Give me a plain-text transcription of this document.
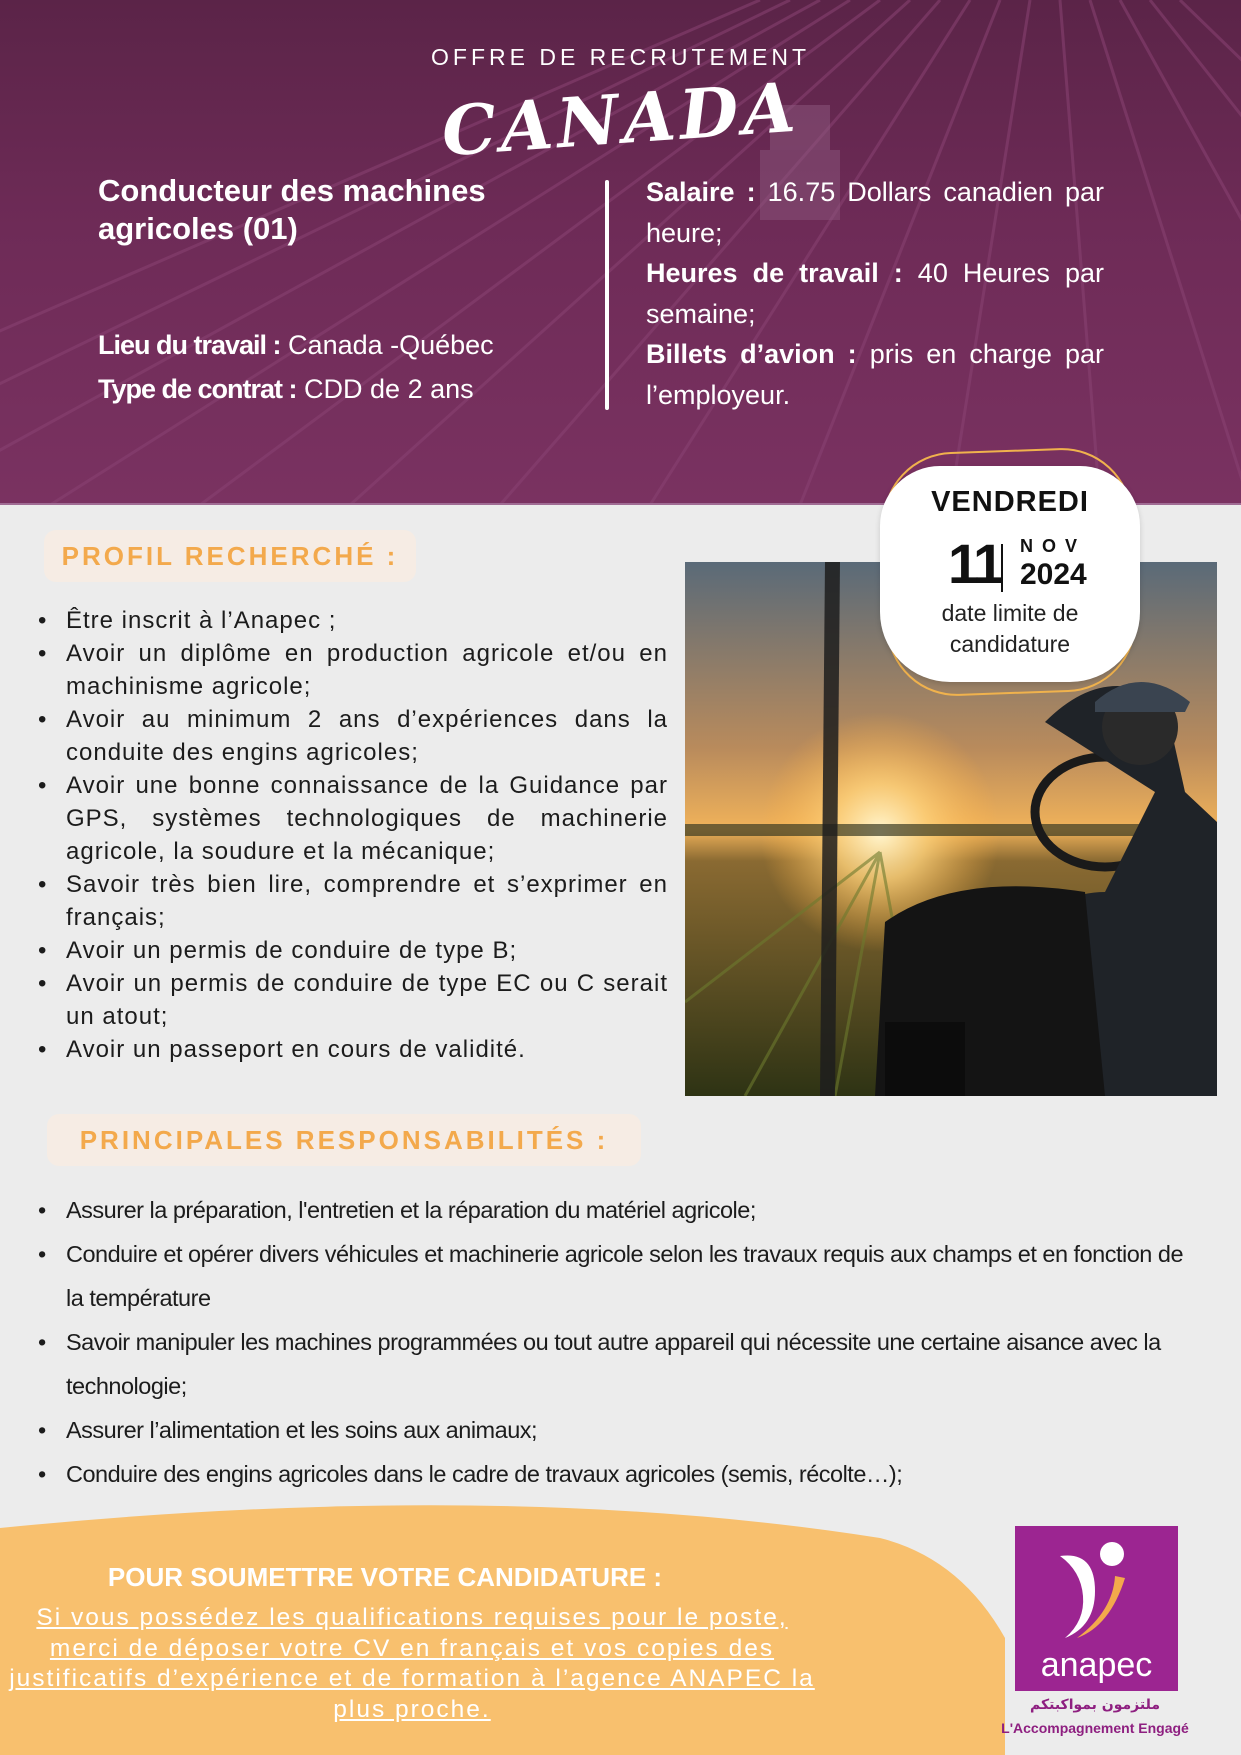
OFFRE DE RECRUTEMENT
CANADA
Conducteur des machines agricoles (01)
Lieu du travail : Canada -Québec
Type de contrat : CDD de 2 ans
Salaire : 16.75 Dollars canadien par heure;
Heures de travail : 40 Heures par semaine;
Billets d’avion : pris en charge par l’employeur.
VENDREDI
11 NOV
2024
date limite de candidature
PROFIL RECHERCHÉ :
• Être inscrit à l’Anapec ;
• Avoir un diplôme en production agricole et/ou en machinisme agricole;
• Avoir au minimum 2 ans d’expériences dans la conduite des engins agricoles;
• Avoir une bonne connaissance de la Guidance par GPS, systèmes technologiques de machinerie agricole, la soudure et la mécanique;
• Savoir très bien lire, comprendre et s’exprimer en français;
• Avoir un permis de conduire de type B;
• Avoir un permis de conduire de type EC ou C serait un atout;
• Avoir un passeport en cours de validité.
PRINCIPALES RESPONSABILITÉS :
• Assurer la préparation, l'entretien et la réparation du matériel agricole;
• Conduire et opérer divers véhicules et machinerie agricole selon les travaux requis aux champs et en fonction de la température
• Savoir manipuler les machines programmées ou tout autre appareil qui nécessite une certaine aisance avec la technologie;
• Assurer l’alimentation et les soins aux animaux;
• Conduire des engins agricoles dans le cadre de travaux agricoles (semis, récolte…);
POUR SOUMETTRE VOTRE CANDIDATURE :
Si vous possédez les qualifications requises pour le poste, merci de déposer votre CV en français et vos copies des justificatifs d’expérience et de formation à l’agence ANAPEC la plus proche.
anapec
ملتزمون بمواكبتكم
L'Accompagnement Engagé
